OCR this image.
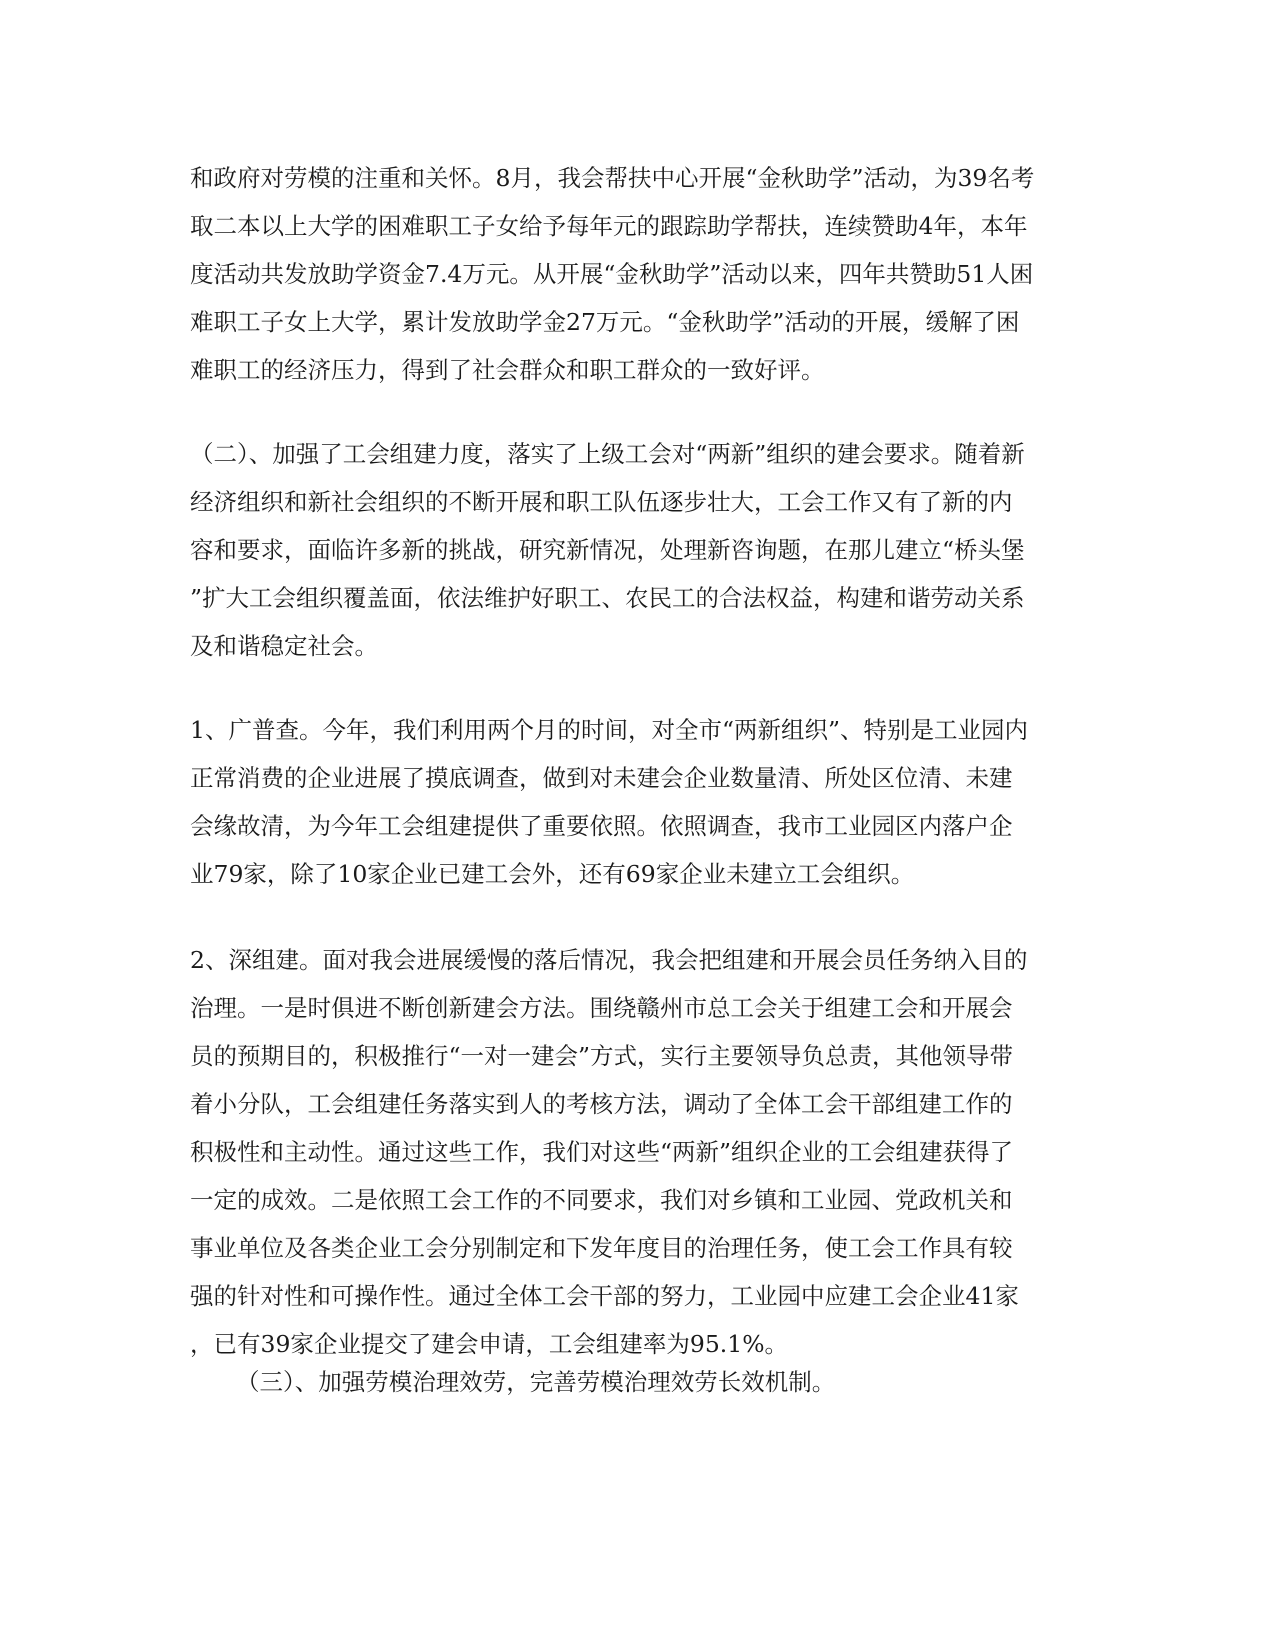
和政府对劳模的注重和关怀。8月，我会帮扶中心开展“金秋助学”活动，为39名考
取二本以上大学的困难职工子女给予每年元的跟踪助学帮扶，连续赞助4年，本年
度活动共发放助学资金7.4万元。从开展“金秋助学”活动以来，四年共赞助51人困
难职工子女上大学，累计发放助学金27万元。“金秋助学”活动的开展，缓解了困
难职工的经济压力，得到了社会群众和职工群众的一致好评。

（二）、加强了工会组建力度，落实了上级工会对“两新”组织的建会要求。随着新
经济组织和新社会组织的不断开展和职工队伍逐步壮大，工会工作又有了新的内
容和要求，面临许多新的挑战，研究新情况，处理新咨询题，在那儿建立“桥头堡
”扩大工会组织覆盖面，依法维护好职工、农民工的合法权益，构建和谐劳动关系
及和谐稳定社会。

1、广普查。今年，我们利用两个月的时间，对全市“两新组织”、特别是工业园内
正常消费的企业进展了摸底调查，做到对未建会企业数量清、所处区位清、未建
会缘故清，为今年工会组建提供了重要依照。依照调查，我市工业园区内落户企
业79家，除了10家企业已建工会外，还有69家企业未建立工会组织。

2、深组建。面对我会进展缓慢的落后情况，我会把组建和开展会员任务纳入目的
治理。一是时俱进不断创新建会方法。围绕赣州市总工会关于组建工会和开展会
员的预期目的，积极推行“一对一建会”方式，实行主要领导负总责，其他领导带
着小分队，工会组建任务落实到人的考核方法，调动了全体工会干部组建工作的
积极性和主动性。通过这些工作，我们对这些“两新”组织企业的工会组建获得了
一定的成效。二是依照工会工作的不同要求，我们对乡镇和工业园、党政机关和
事业单位及各类企业工会分别制定和下发年度目的治理任务，使工会工作具有较
强的针对性和可操作性。通过全体工会干部的努力，工业园中应建工会企业41家
，已有39家企业提交了建会申请，工会组建率为95.1%。

（三）、加强劳模治理效劳，完善劳模治理效劳长效机制。
